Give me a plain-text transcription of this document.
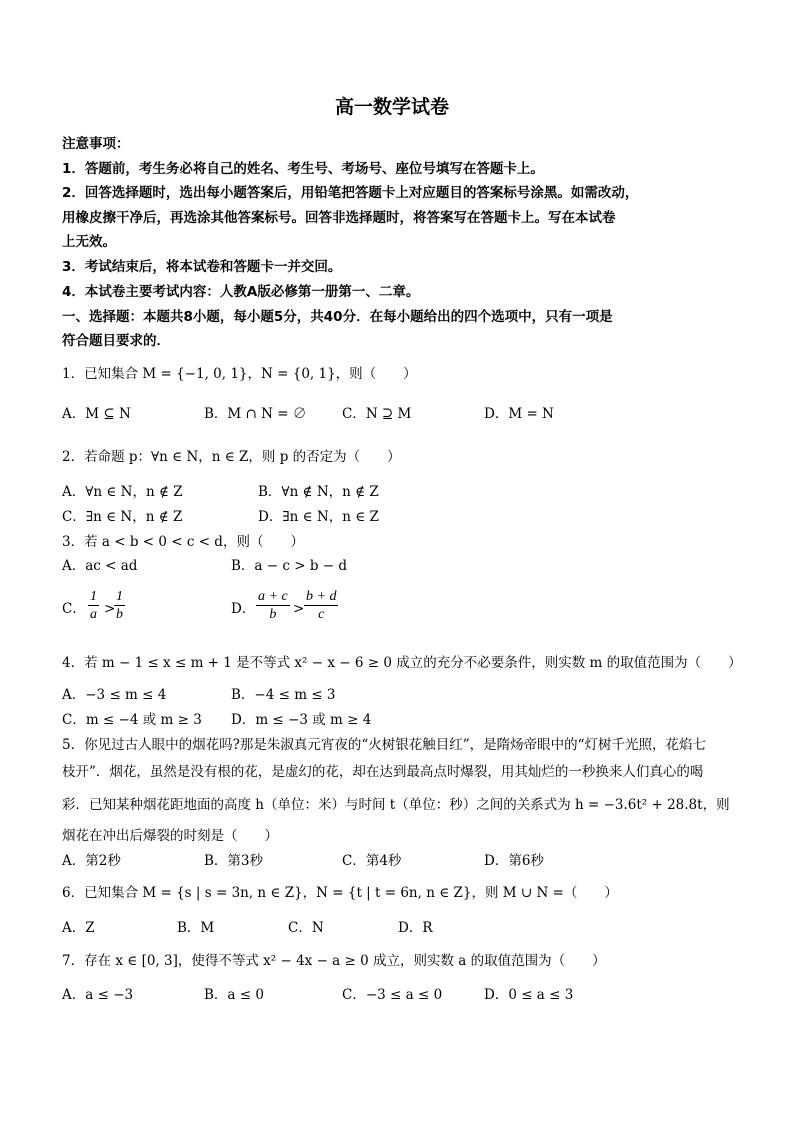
高一数学试卷
注意事项：
1．答题前，考生务必将自己的姓名、考生号、考场号、座位号填写在答题卡上。
2．回答选择题时，选出每小题答案后，用铅笔把答题卡上对应题目的答案标号涂黑。如需改动，
用橡皮擦干净后，再选涂其他答案标号。回答非选择题时，将答案写在答题卡上。写在本试卷
上无效。
3．考试结束后，将本试卷和答题卡一并交回。
4．本试卷主要考试内容：人教A版必修第一册第一、二章。
一、选择题：本题共8小题，每小题5分，共40分．在每小题给出的四个选项中，只有一项是
符合题目要求的．
1．已知集合 M = {−1, 0, 1}，N = {0, 1}，则（　　）
A．M ⊆ N	B．M ∩ N = ∅	C．N ⊇ M	D．M = N
2．若命题 p：∀n ∈ N，n ∈ Z，则 p 的否定为（　　）
A．∀n ∈ N，n ∉ Z	B．∀n ∉ N，n ∉ Z
C．∃n ∈ N，n ∉ Z	D．∃n ∈ N，n ∈ Z
3．若 a < b < 0 < c < d，则（　　）
A．ac < ad	B．a − c > b − d
C． $\frac{1}{a}$ >
$\frac{1}{b}$	D． $\frac{a + c}{b} > \frac{b + d}{c}$
4．若 m − 1 ≤ x ≤ m + 1 是不等式 x² − x − 6 ≥ 0 成立的充分不必要条件，则实数 m 的取值范围为（　　）
A．−3 ≤ m ≤ 4	B．−4 ≤ m ≤ 3
C．m ≤ −4 或 m ≥ 3 D．m ≤ −3 或 m ≥ 4
5．你见过古人眼中的烟花吗?那是朱淑真元宵夜的“火树银花触目红”，是隋炀帝眼中的“灯树千光照，花焰七
枝开”．烟花，虽然是没有根的花，是虚幻的花，却在达到最高点时爆裂，用其灿烂的一秒换来人们真心的喝
彩．已知某种烟花距地面的高度 h（单位：米）与时间 t（单位：秒）之间的关系式为 h = −3.6t² + 28.8t，则
烟花在冲出后爆裂的时刻是（　　）
A．第2秒	B．第3秒	C．第4秒	D．第6秒
6．已知集合 M = {s | s = 3n, n ∈ Z}，N = {t | t = 6n, n ∈ Z}，则 M ∪ N =（　　）
A．Z	B．M	C．N	D．R
7．存在 x ∈ [0, 3]，使得不等式 x² − 4x − a ≥ 0 成立，则实数 a 的取值范围为（　　）
A．a ≤ −3	B．a ≤ 0	C．−3 ≤ a ≤ 0	D．0 ≤ a ≤ 3
